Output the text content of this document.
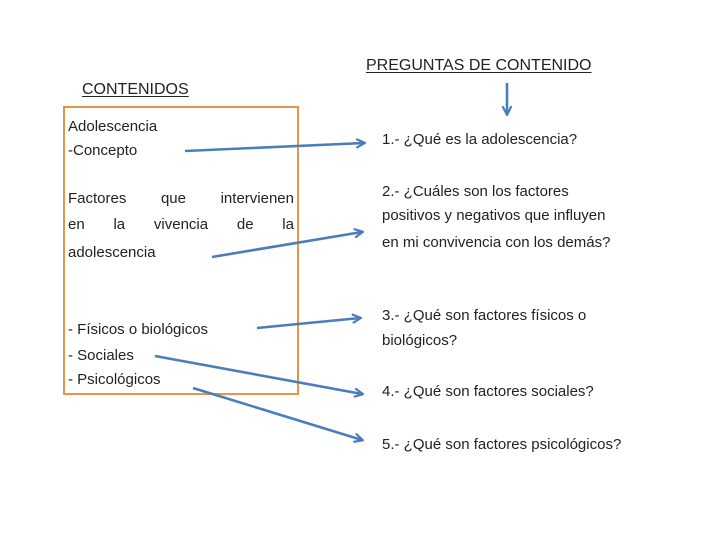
CONTENIDOS
PREGUNTAS DE CONTENIDO
Adolescencia
-Concepto
Factores que intervienen
en la vivencia de la
adolescencia
- Físicos o biológicos
- Sociales
- Psicológicos
1.- ¿Qué es la adolescencia?
2.- ¿Cuáles son los factores
positivos y negativos que influyen
en mi convivencia con los demás?
3.- ¿Qué son factores físicos o
biológicos?
4.- ¿Qué son factores sociales?
5.- ¿Qué son factores psicológicos?
